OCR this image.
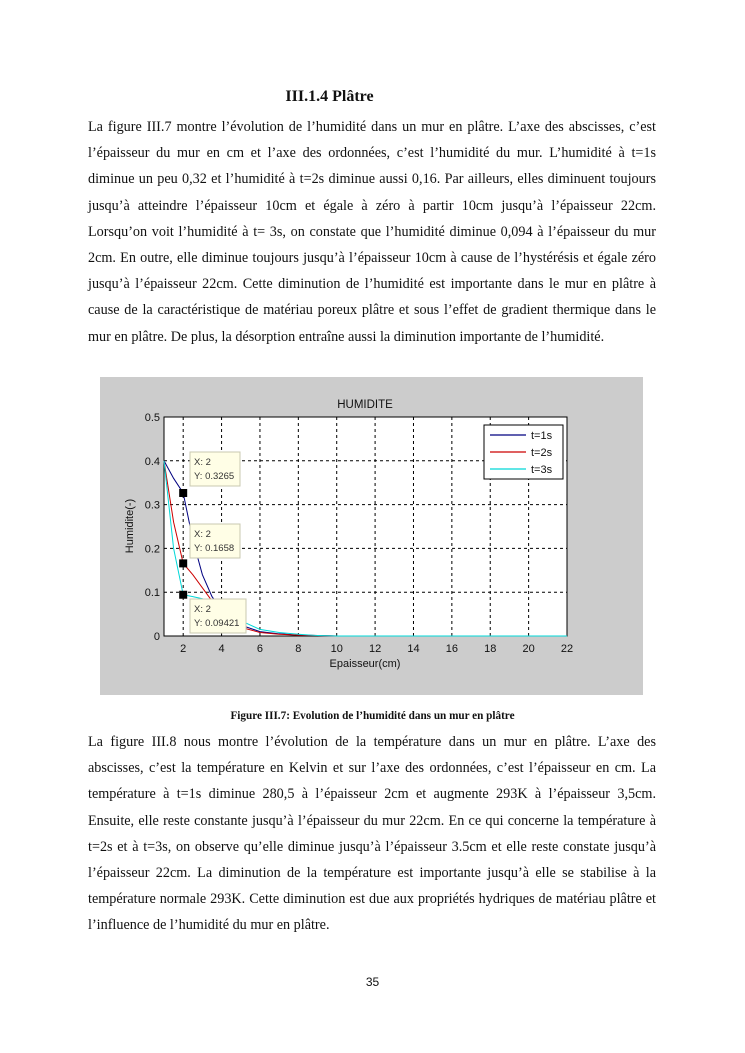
III.1.4 Plâtre

La figure III.7 montre l’évolution de l’humidité dans un mur en plâtre. L’axe des abscisses, c’est l’épaisseur du mur en cm et l’axe des ordonnées, c’est l’humidité du mur. L’humidité à t=1s diminue un peu 0,32 et l’humidité à t=2s diminue aussi 0,16. Par ailleurs, elles diminuent toujours jusqu’à atteindre l’épaisseur 10cm et égale à zéro à partir 10cm jusqu’à l’épaisseur 22cm. Lorsqu’on voit l’humidité à t= 3s, on constate que l’humidité diminue 0,094 à l’épaisseur du mur 2cm. En outre, elle diminue toujours jusqu’à l’épaisseur 10cm à cause de l’hystérésis et égale zéro jusqu’à l’épaisseur 22cm. Cette diminution de l’humidité est importante dans le mur en plâtre à cause de la caractéristique de matériau poreux plâtre et sous l’effet de gradient thermique dans le mur en plâtre. De plus, la désorption entraîne aussi la diminution importante de l’humidité.

2	4	6	8	10 12 14 16 18 20 22
0
0.1
0.2
0.3
0.4
0.5
X: 2
Y: 0.3265
X: 2
Y: 0.1658
X: 2
Y: 0.09421
HUMIDITE
Epaisseur(cm)
Humidite(-)
t=1s
t=2s
t=3s
Figure III.7: Evolution de l’humidité dans un mur en plâtre

La figure III.8 nous montre l’évolution de la température dans un mur en plâtre. L’axe des abscisses, c’est la température en Kelvin et sur l’axe des ordonnées, c’est l’épaisseur en cm. La température à t=1s diminue 280,5 à l’épaisseur 2cm et augmente 293K à l’épaisseur 3,5cm. Ensuite, elle reste constante jusqu’à l’épaisseur du mur 22cm. En ce qui concerne la température à t=2s et à t=3s, on observe qu’elle diminue jusqu’à l’épaisseur 3.5cm et elle reste constate jusqu’à l’épaisseur 22cm. La diminution de la température est importante jusqu’à elle se stabilise à la température normale 293K. Cette diminution est due aux propriétés hydriques de matériau plâtre et l’influence de l’humidité du mur en plâtre.

35
